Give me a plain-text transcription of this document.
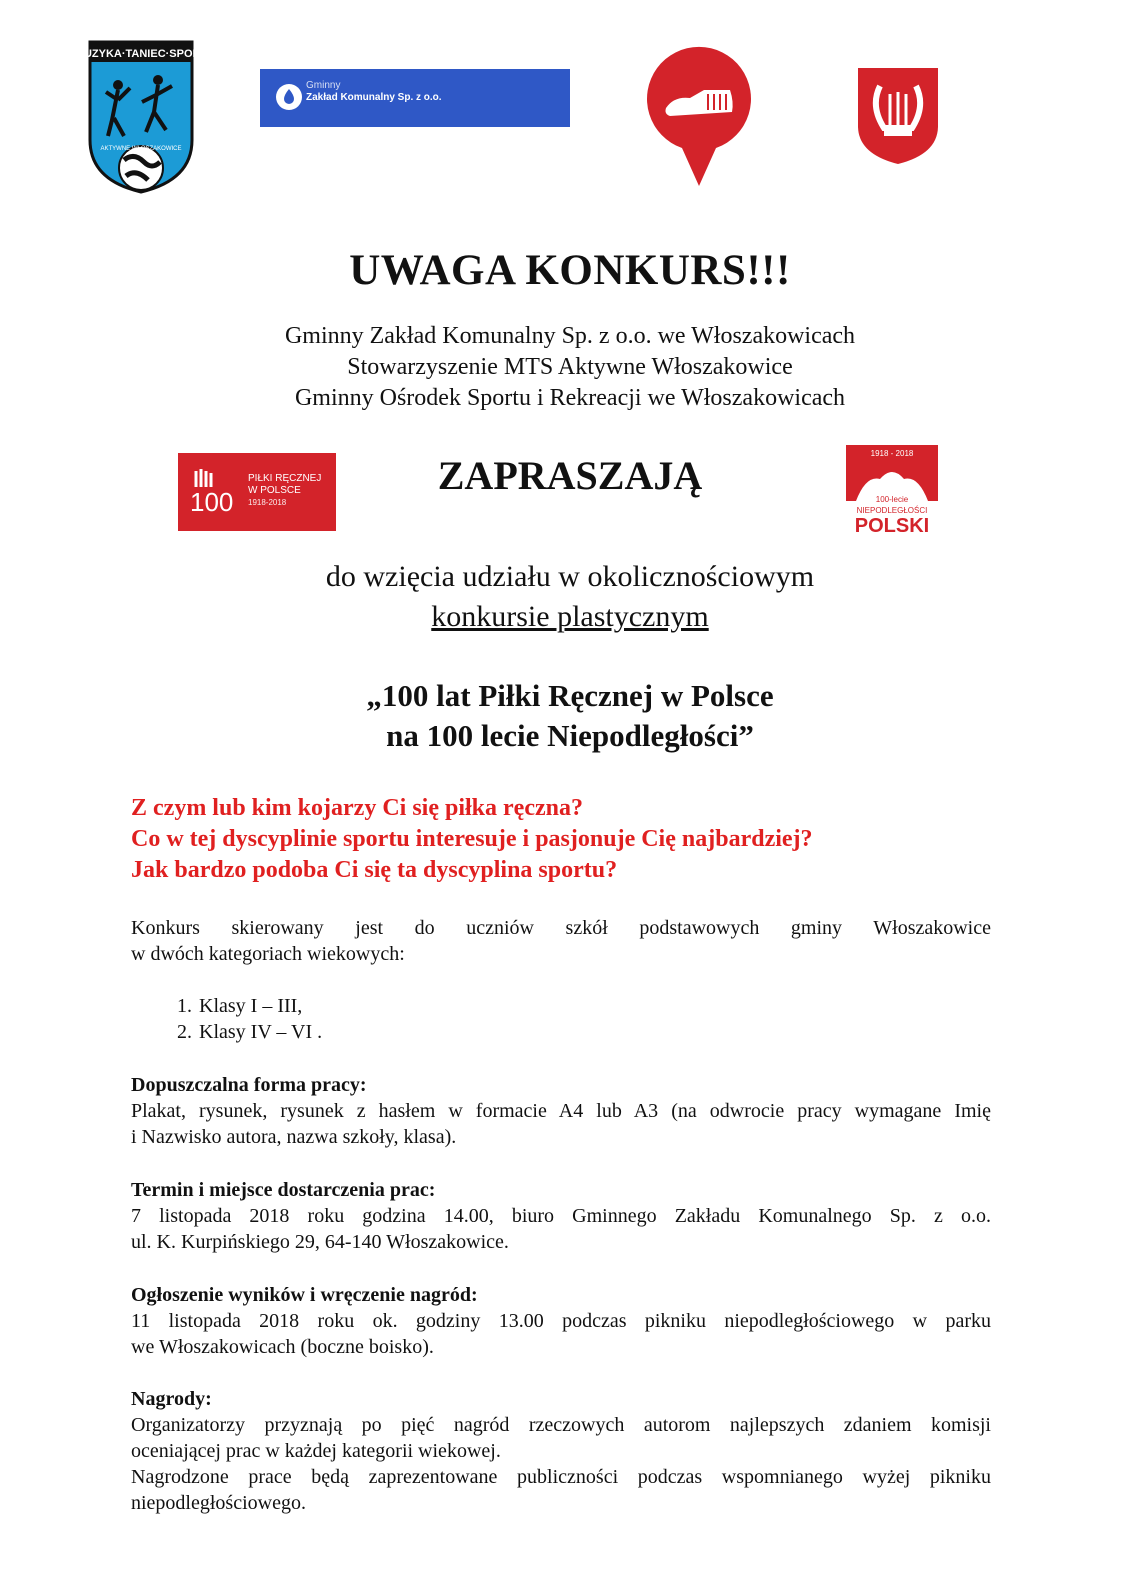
MUZYKA·TANIEC·SPORT
AKTYWNE WŁOSZAKOWICE
Gminny
Zakład Komunalny Sp. z o.o.
UWAGA KONKURS!!!
Gminny Zakład Komunalny Sp. z o.o. we Włoszakowicach
Stowarzyszenie MTS Aktywne Włoszakowice
Gminny Ośrodek Sportu i Rekreacji we Włoszakowicach
100
PIŁKI RĘCZNEJ
W POLSCE
1918-2018
ZAPRASZAJĄ	1918 - 2018
100-lecie
NIEPODLEGŁOŚCI
POLSKI
do wzięcia udziału w okolicznościowym
konkursie plastycznym
„100 lat Piłki Ręcznej w Polsce
na 100 lecie Niepodległości”
Z czym lub kim kojarzy Ci się piłka ręczna?
Co w tej dyscyplinie sportu interesuje i pasjonuje Cię najbardziej?
Jak bardzo podoba Ci się ta dyscyplina sportu?
Konkurs skierowany jest do uczniów szkół podstawowych gminy Włoszakowice
w dwóch kategoriach wiekowych:
1. Klasy I – III,
2. Klasy IV – VI .
Dopuszczalna forma pracy:
Plakat, rysunek, rysunek z hasłem w formacie A4 lub A3 (na odwrocie pracy wymagane Imię
i Nazwisko autora, nazwa szkoły, klasa).
Termin i miejsce dostarczenia prac:
7 listopada 2018 roku godzina 14.00, biuro Gminnego Zakładu Komunalnego Sp. z o.o.
ul. K. Kurpińskiego 29, 64-140 Włoszakowice.
Ogłoszenie wyników i wręczenie nagród:
11 listopada 2018 roku ok. godziny 13.00 podczas pikniku niepodległościowego w parku
we Włoszakowicach (boczne boisko).
Nagrody:
Organizatorzy przyznają po pięć nagród rzeczowych autorom najlepszych zdaniem komisji
oceniającej prac w każdej kategorii wiekowej.
Nagrodzone prace będą zaprezentowane publiczności podczas wspomnianego wyżej pikniku
niepodległościowego.
